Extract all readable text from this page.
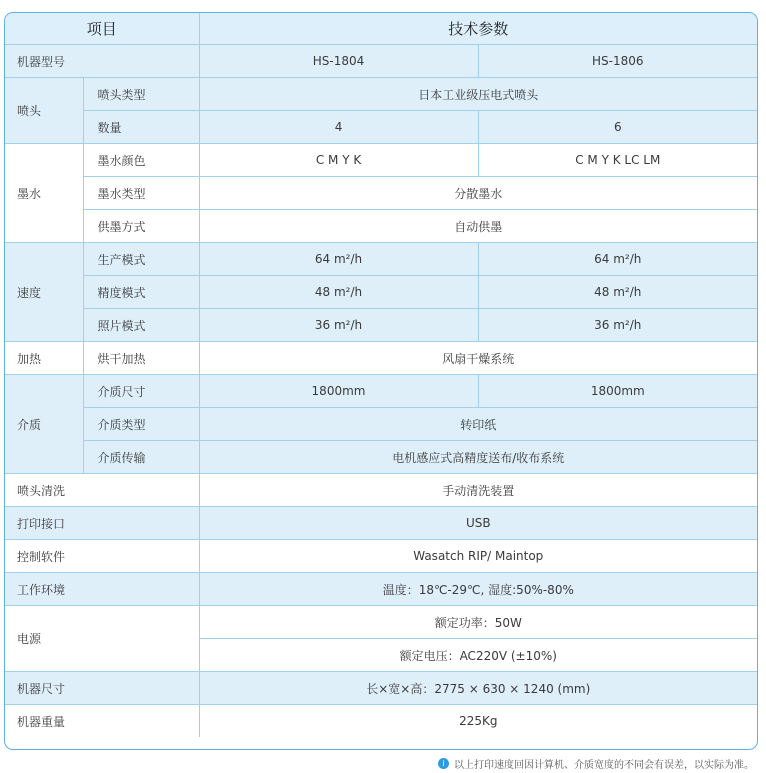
项目		技术参数	
机器型号		HS-1804	HS-1806
喷头	喷头类型	日本工业级压电式喷头	
	数量	4	6
墨水	墨水颜色	C M Y K	C M Y K LC LM
	墨水类型	分散墨水	
	供墨方式	自动供墨	
速度	生产模式	64 m²/h	64 m²/h
	精度模式	48 m²/h	48 m²/h
	照片模式	36 m²/h	36 m²/h
加热	烘干加热	风扇干燥系统	
介质	介质尺寸	1800mm	1800mm
	介质类型	转印纸	
	介质传输	电机感应式高精度送布/收布系统	
喷头清洗		手动清洗装置	
打印接口		USB	
控制软件		Wasatch RIP/ Maintop	
工作环境		温度：18℃-29℃, 湿度:50%-80%	
电源		额定功率：50W	
		额定电压：AC220V (±10%)	
机器尺寸		长×宽×高：2775 × 630 × 1240 (mm)	
机器重量		225Kg	
i 以上打印速度回因计算机、介质宽度的不同会有误差，以实际为准。
